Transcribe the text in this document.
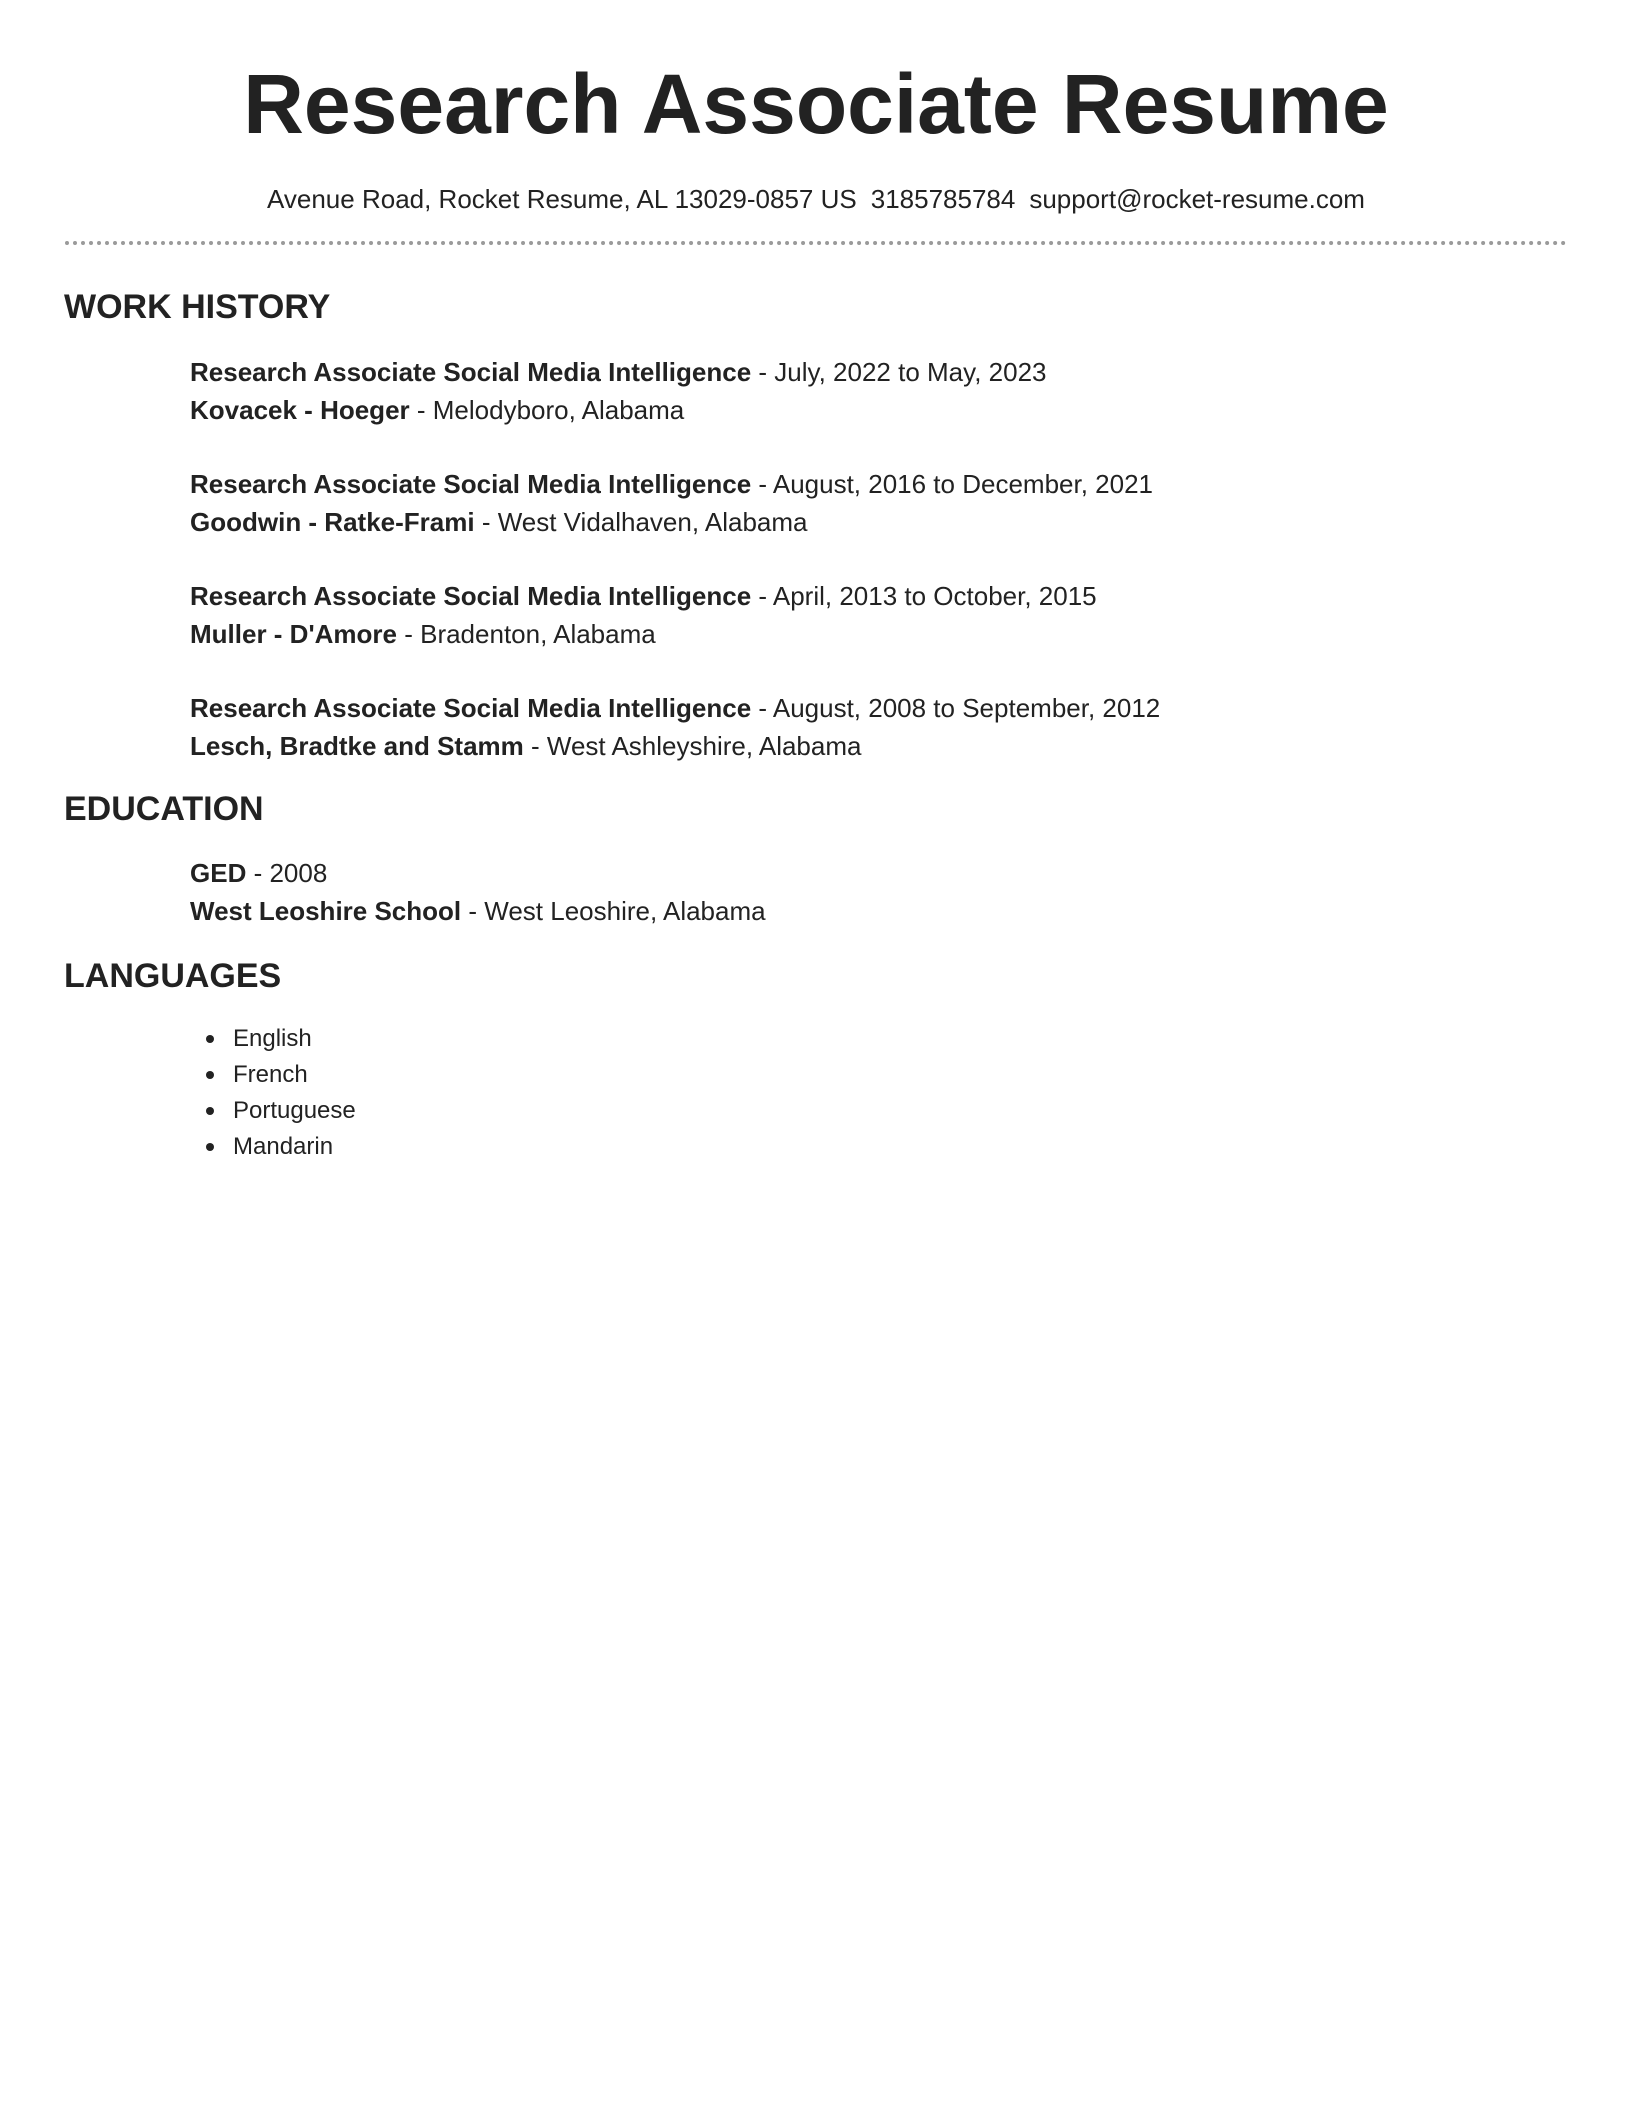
Research Associate Resume
Avenue Road, Rocket Resume, AL 13029-0857 US 3185785784 support@rocket-resume.com
WORK HISTORY
Research Associate Social Media Intelligence - July, 2022 to May, 2023
Kovacek - Hoeger - Melodyboro, Alabama
Research Associate Social Media Intelligence - August, 2016 to December, 2021
Goodwin - Ratke-Frami - West Vidalhaven, Alabama
Research Associate Social Media Intelligence - April, 2013 to October, 2015
Muller - D'Amore - Bradenton, Alabama
Research Associate Social Media Intelligence - August, 2008 to September, 2012
Lesch, Bradtke and Stamm - West Ashleyshire, Alabama
EDUCATION
GED - 2008
West Leoshire School - West Leoshire, Alabama
LANGUAGES
English
French
Portuguese
Mandarin
